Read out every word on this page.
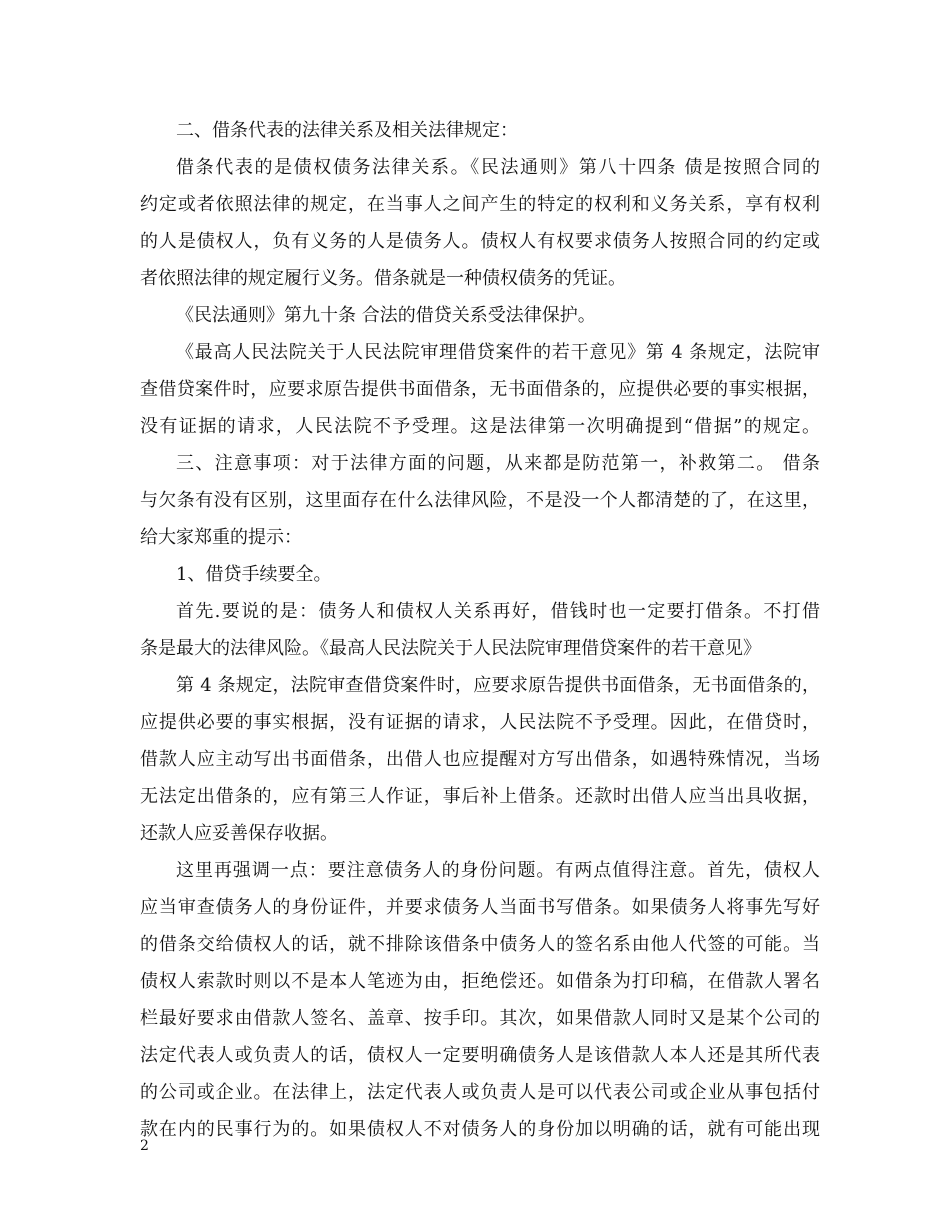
二、借条代表的法律关系及相关法律规定：
借条代表的是债权债务法律关系。《民法通则》第八十四条 债是按照合同的
约定或者依照法律的规定，在当事人之间产生的特定的权利和义务关系，享有权利
的人是债权人，负有义务的人是债务人。债权人有权要求债务人按照合同的约定或
者依照法律的规定履行义务。借条就是一种债权债务的凭证。
《民法通则》第九十条 合法的借贷关系受法律保护。
《最高人民法院关于人民法院审理借贷案件的若干意见》第 4 条规定，法院审
查借贷案件时，应要求原告提供书面借条，无书面借条的，应提供必要的事实根据，
没有证据的请求，人民法院不予受理。这是法律第一次明确提到“借据”的规定。
三、注意事项：对于法律方面的问题，从来都是防范第一，补救第二。 借条
与欠条有没有区别，这里面存在什么法律风险，不是没一个人都清楚的了，在这里，
给大家郑重的提示：
1、借贷手续要全。
首先.要说的是：债务人和债权人关系再好，借钱时也一定要打借条。不打借
条是最大的法律风险。《最高人民法院关于人民法院审理借贷案件的若干意见》
第 4 条规定，法院审查借贷案件时，应要求原告提供书面借条，无书面借条的，
应提供必要的事实根据，没有证据的请求，人民法院不予受理。因此，在借贷时，
借款人应主动写出书面借条，出借人也应提醒对方写出借条，如遇特殊情况，当场
无法定出借条的，应有第三人作证，事后补上借条。还款时出借人应当出具收据，
还款人应妥善保存收据。
这里再强调一点：要注意债务人的身份问题。有两点值得注意。首先，债权人
应当审查债务人的身份证件，并要求债务人当面书写借条。如果债务人将事先写好
的借条交给债权人的话，就不排除该借条中债务人的签名系由他人代签的可能。当
债权人索款时则以不是本人笔迹为由，拒绝偿还。如借条为打印稿，在借款人署名
栏最好要求由借款人签名、盖章、按手印。其次，如果借款人同时又是某个公司的
法定代表人或负责人的话，债权人一定要明确债务人是该借款人本人还是其所代表
的公司或企业。在法律上，法定代表人或负责人是可以代表公司或企业从事包括付
款在内的民事行为的。如果债权人不对债务人的身份加以明确的话，就有可能出现
2
